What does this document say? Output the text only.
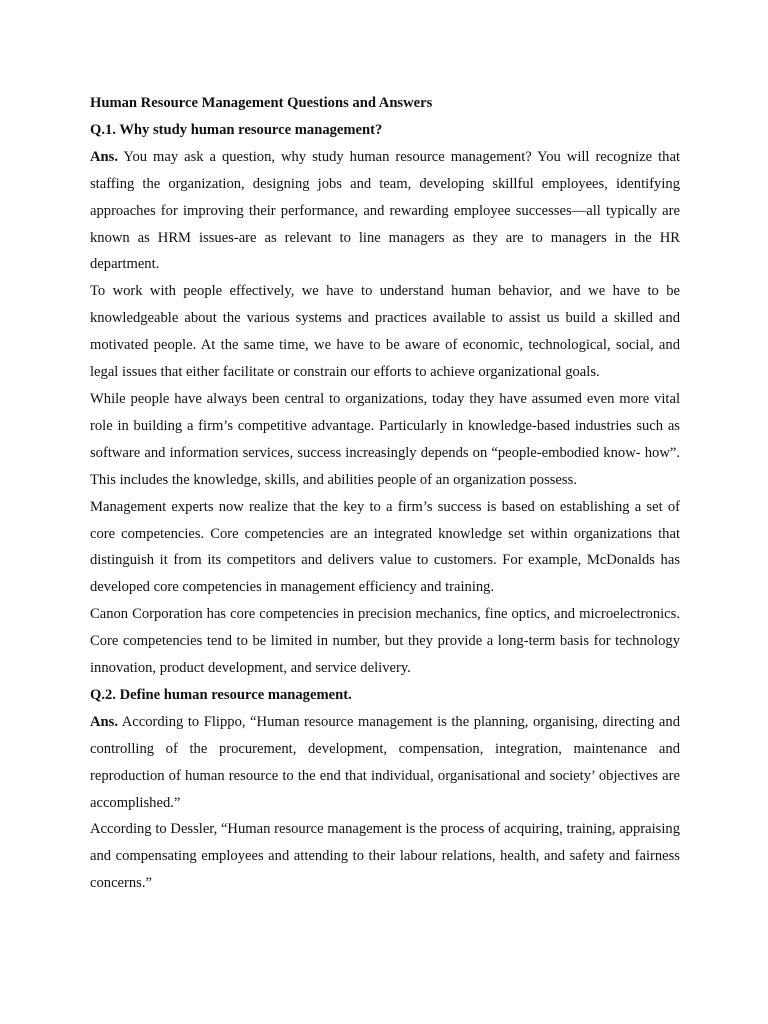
Human Resource Management Questions and Answers

Q.1. Why study human resource management?

Ans. You may ask a question, why study human resource management? You will recognize that staffing the organization, designing jobs and team, developing skillful employees, identifying approaches for improving their performance, and rewarding employee successes—all typically are known as HRM issues-are as relevant to line managers as they are to managers in the HR department.

To work with people effectively, we have to understand human behavior, and we have to be knowledgeable about the various systems and practices available to assist us build a skilled and motivated people. At the same time, we have to be aware of economic, technological, social, and legal issues that either facilitate or constrain our efforts to achieve organizational goals.

While people have always been central to organizations, today they have assumed even more vital role in building a firm’s competitive advantage. Particularly in knowledge-based industries such as software and information services, success increasingly depends on “people-embodied know- how”. This includes the knowledge, skills, and abilities people of an organization possess.

Management experts now realize that the key to a firm’s success is based on establishing a set of core competencies. Core competencies are an integrated knowledge set within organizations that distinguish it from its competitors and delivers value to customers. For example, McDonalds has developed core competencies in management efficiency and training.

Canon Corporation has core competencies in precision mechanics, fine optics, and microelectronics. Core competencies tend to be limited in number, but they provide a long-term basis for technology innovation, product development, and service delivery.

Q.2. Define human resource management.

Ans. According to Flippo, “Human resource management is the planning, organising, directing and controlling of the procurement, development, compensation, integration, maintenance and reproduction of human resource to the end that individual, organisational and society’ objectives are accomplished.”

According to Dessler, “Human resource management is the process of acquiring, training, appraising and compensating employees and attending to their labour relations, health, and safety and fairness concerns.”
